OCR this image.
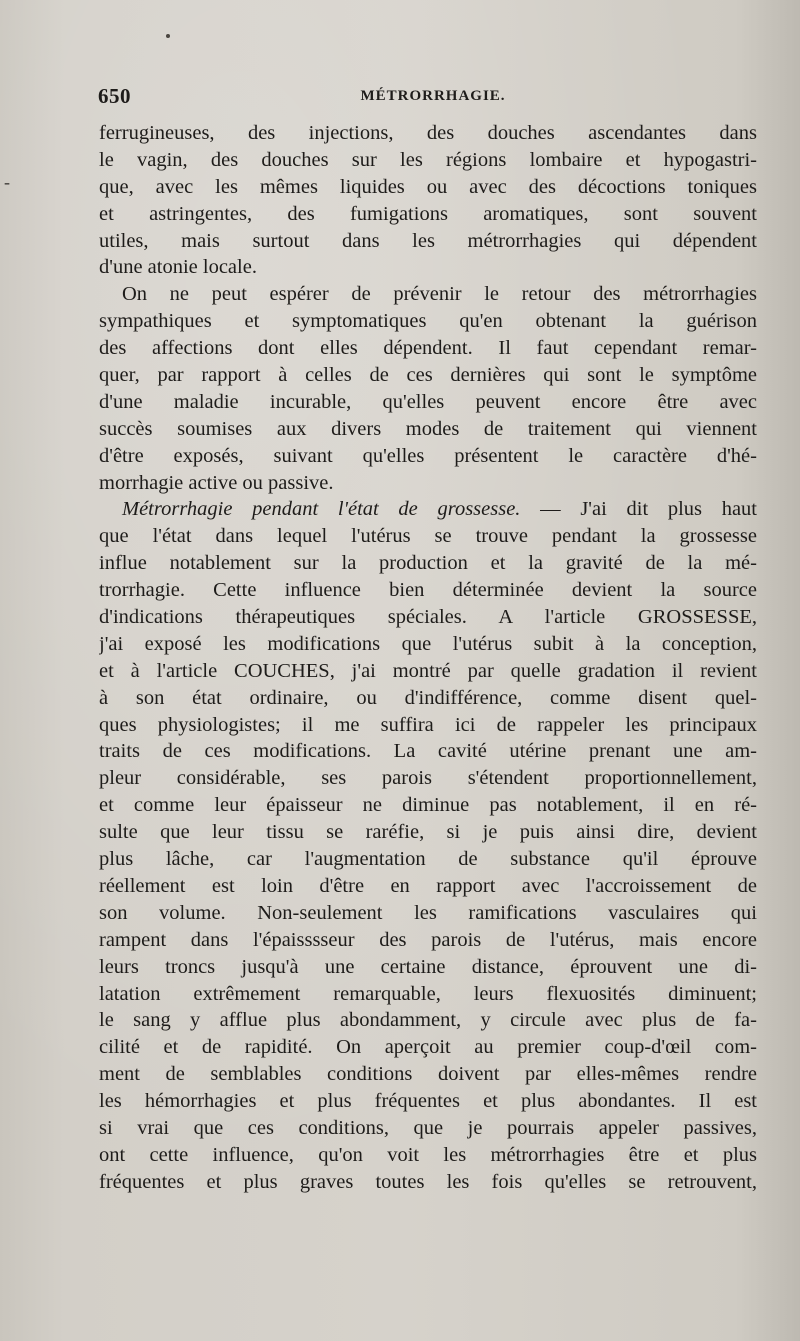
‑
650	MÉTRORRHAGIE.
ferrugineuses, des injections, des douches ascendantes dans
le vagin, des douches sur les régions lombaire et hypogastri-
que, avec les mêmes liquides ou avec des décoctions toniques
et astringentes, des fumigations aromatiques, sont souvent
utiles, mais surtout dans les métrorrhagies qui dépendent
d'une atonie locale.
On ne peut espérer de prévenir le retour des métrorrhagies
sympathiques et symptomatiques qu'en obtenant la guérison
des affections dont elles dépendent. Il faut cependant remar-
quer, par rapport à celles de ces dernières qui sont le symptôme
d'une maladie incurable, qu'elles peuvent encore être avec
succès soumises aux divers modes de traitement qui viennent
d'être exposés, suivant qu'elles présentent le caractère d'hé-
morrhagie active ou passive.
Métrorrhagie pendant l'état de grossesse. — J'ai dit plus haut
que l'état dans lequel l'utérus se trouve pendant la grossesse
influe notablement sur la production et la gravité de la mé-
trorrhagie. Cette influence bien déterminée devient la source
d'indications thérapeutiques spéciales. A l'article GROSSESSE,
j'ai exposé les modifications que l'utérus subit à la conception,
et à l'article COUCHES, j'ai montré par quelle gradation il revient
à son état ordinaire, ou d'indifférence, comme disent quel-
ques physiologistes; il me suffira ici de rappeler les principaux
traits de ces modifications. La cavité utérine prenant une am-
pleur considérable, ses parois s'étendent proportionnellement,
et comme leur épaisseur ne diminue pas notablement, il en ré-
sulte que leur tissu se raréfie, si je puis ainsi dire, devient
plus lâche, car l'augmentation de substance qu'il éprouve
réellement est loin d'être en rapport avec l'accroissement de
son volume. Non-seulement les ramifications vasculaires qui
rampent dans l'épaisssseur des parois de l'utérus, mais encore
leurs troncs jusqu'à une certaine distance, éprouvent une di-
latation extrêmement remarquable, leurs flexuosités diminuent;
le sang y afflue plus abondamment, y circule avec plus de fa-
cilité et de rapidité. On aperçoit au premier coup-d'œil com-
ment de semblables conditions doivent par elles-mêmes rendre
les hémorrhagies et plus fréquentes et plus abondantes. Il est
si vrai que ces conditions, que je pourrais appeler passives,
ont cette influence, qu'on voit les métrorrhagies être et plus
fréquentes et plus graves toutes les fois qu'elles se retrouvent,
